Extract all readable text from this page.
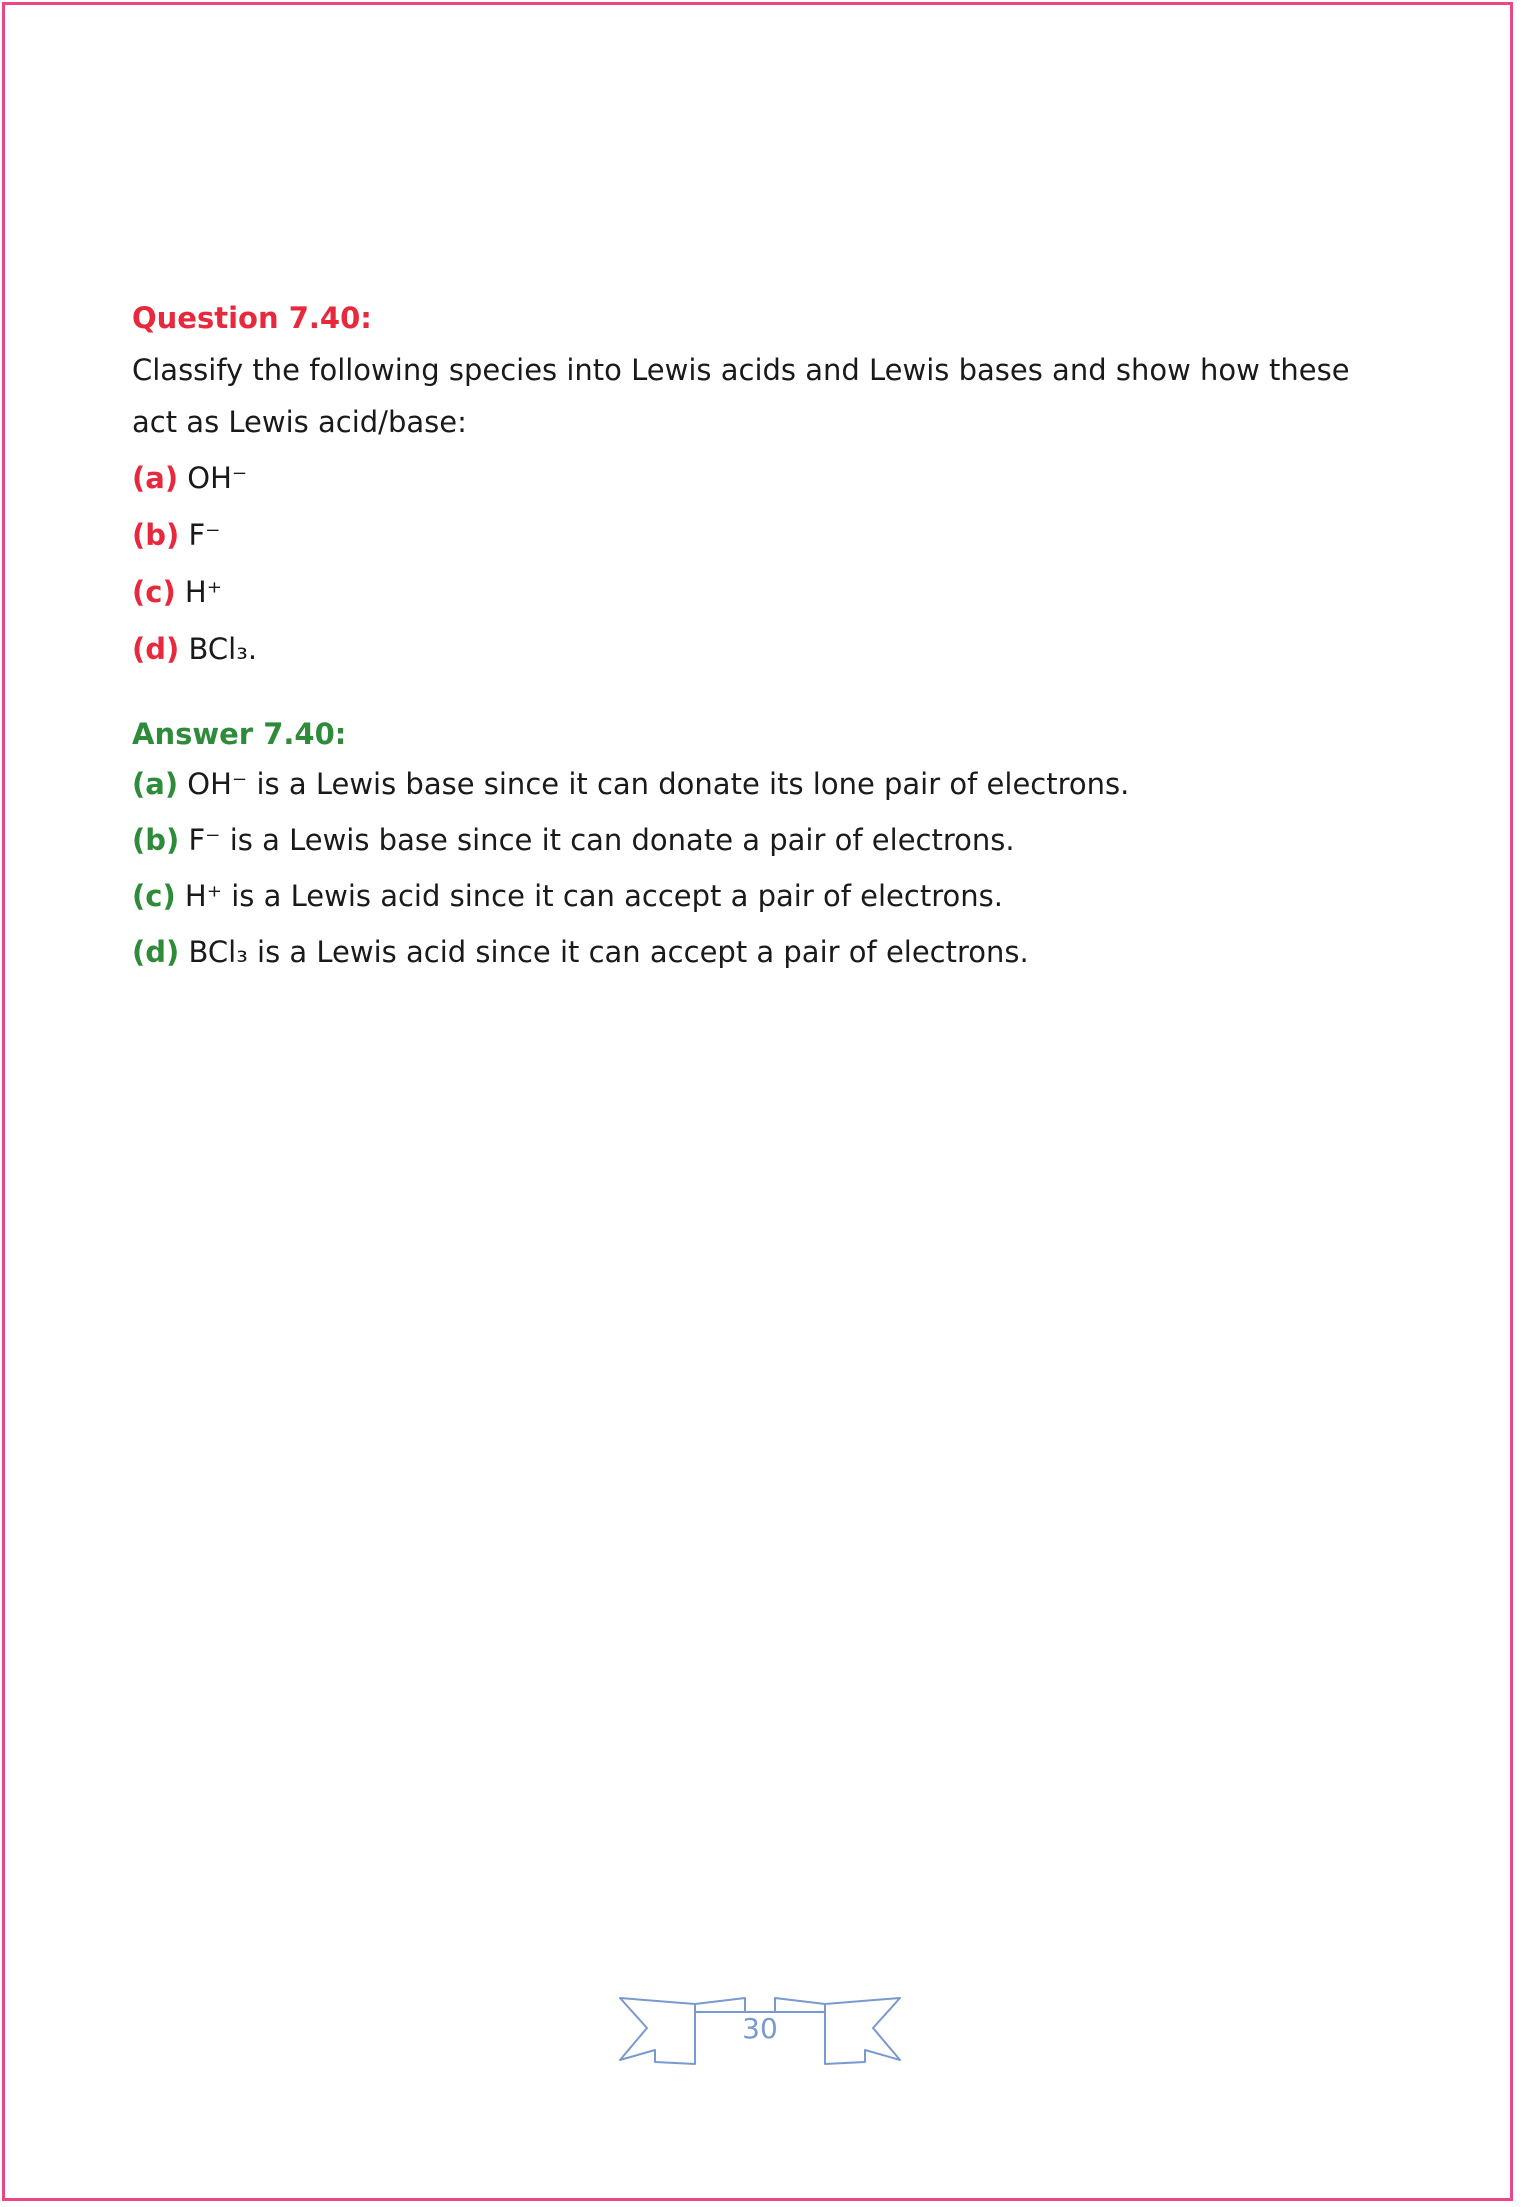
Question 7.40:

Classify the following species into Lewis acids and Lewis bases and show how these act as Lewis acid/base:

(a) OH⁻

(b) F⁻

(c) H⁺

(d) BCl₃.

Answer 7.40:

(a) OH⁻ is a Lewis base since it can donate its lone pair of electrons.

(b) F⁻ is a Lewis base since it can donate a pair of electrons.

(c) H⁺ is a Lewis acid since it can accept a pair of electrons.

(d) BCl₃ is a Lewis acid since it can accept a pair of electrons.

30
